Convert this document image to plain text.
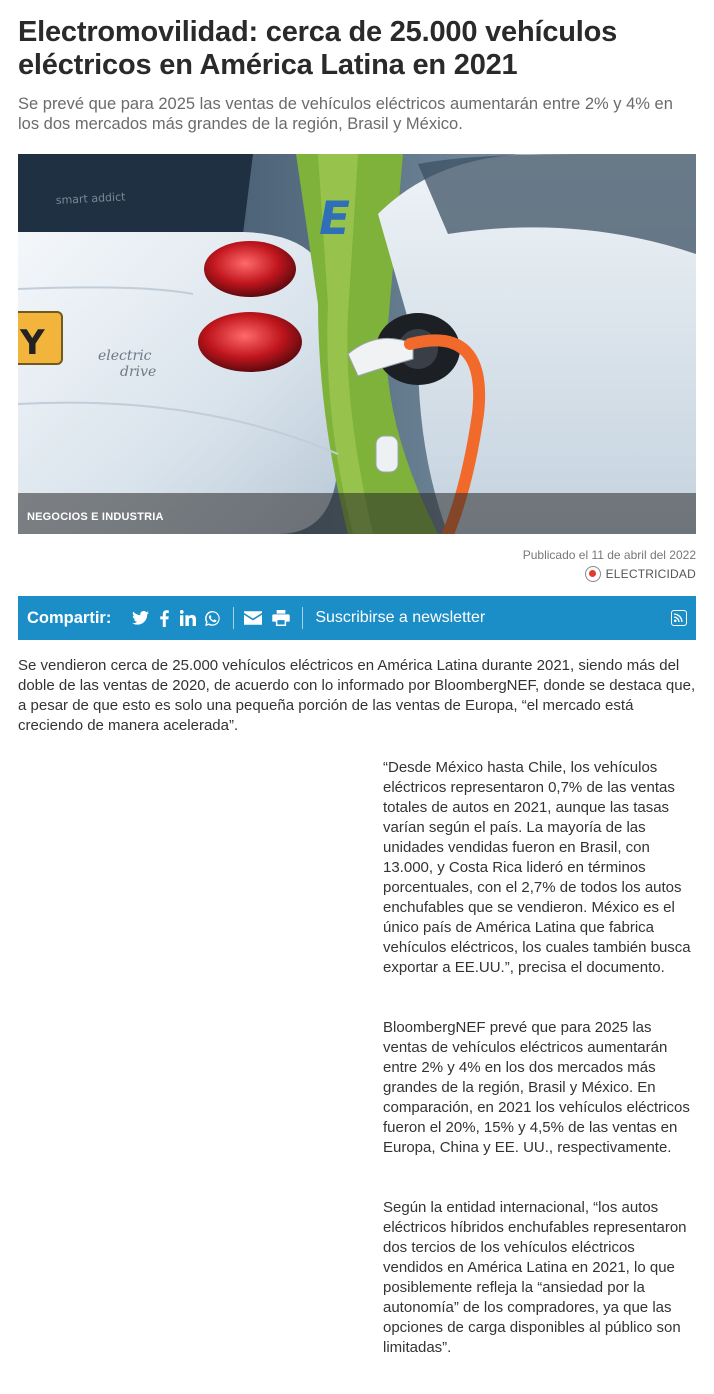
Electromovilidad: cerca de 25.000 vehículos eléctricos en América Latina en 2021
Se prevé que para 2025 las ventas de vehículos eléctricos aumentarán entre 2% y 4% en los dos mercados más grandes de la región, Brasil y México.
smart addict	E
Y	electric
drive
NEGOCIOS E INDUSTRIA
Publicado el 11 de abril del 2022
ELECTRICIDAD
Compartir:	Suscribirse a newsletter

Se vendieron cerca de 25.000 vehículos eléctricos en América Latina durante 2021, siendo más del doble de las ventas de 2020, de acuerdo con lo informado por BloombergNEF, donde se destaca que, a pesar de que esto es solo una pequeña porción de las ventas de Europa, “el mercado está creciendo de manera acelerada”.

“Desde México hasta Chile, los vehículos eléctricos representaron 0,7% de las ventas totales de autos en 2021, aunque las tasas varían según el país. La mayoría de las unidades vendidas fueron en Brasil, con 13.000, y Costa Rica lideró en términos porcentuales, con el 2,7% de todos los autos enchufables que se vendieron. México es el único país de América Latina que fabrica vehículos eléctricos, los cuales también busca exportar a EE.UU.”, precisa el documento.

BloombergNEF prevé que para 2025 las ventas de vehículos eléctricos aumentarán entre 2% y 4% en los dos mercados más grandes de la región, Brasil y México. En comparación, en 2021 los vehículos eléctricos fueron el 20%, 15% y 4,5% de las ventas en Europa, China y EE. UU., respectivamente.

Según la entidad internacional, “los autos eléctricos híbridos enchufables representaron dos tercios de los vehículos eléctricos vendidos en América Latina en 2021, lo que posiblemente refleja la “ansiedad por la autonomía” de los compradores, ya que las opciones de carga disponibles al público son limitadas”.
